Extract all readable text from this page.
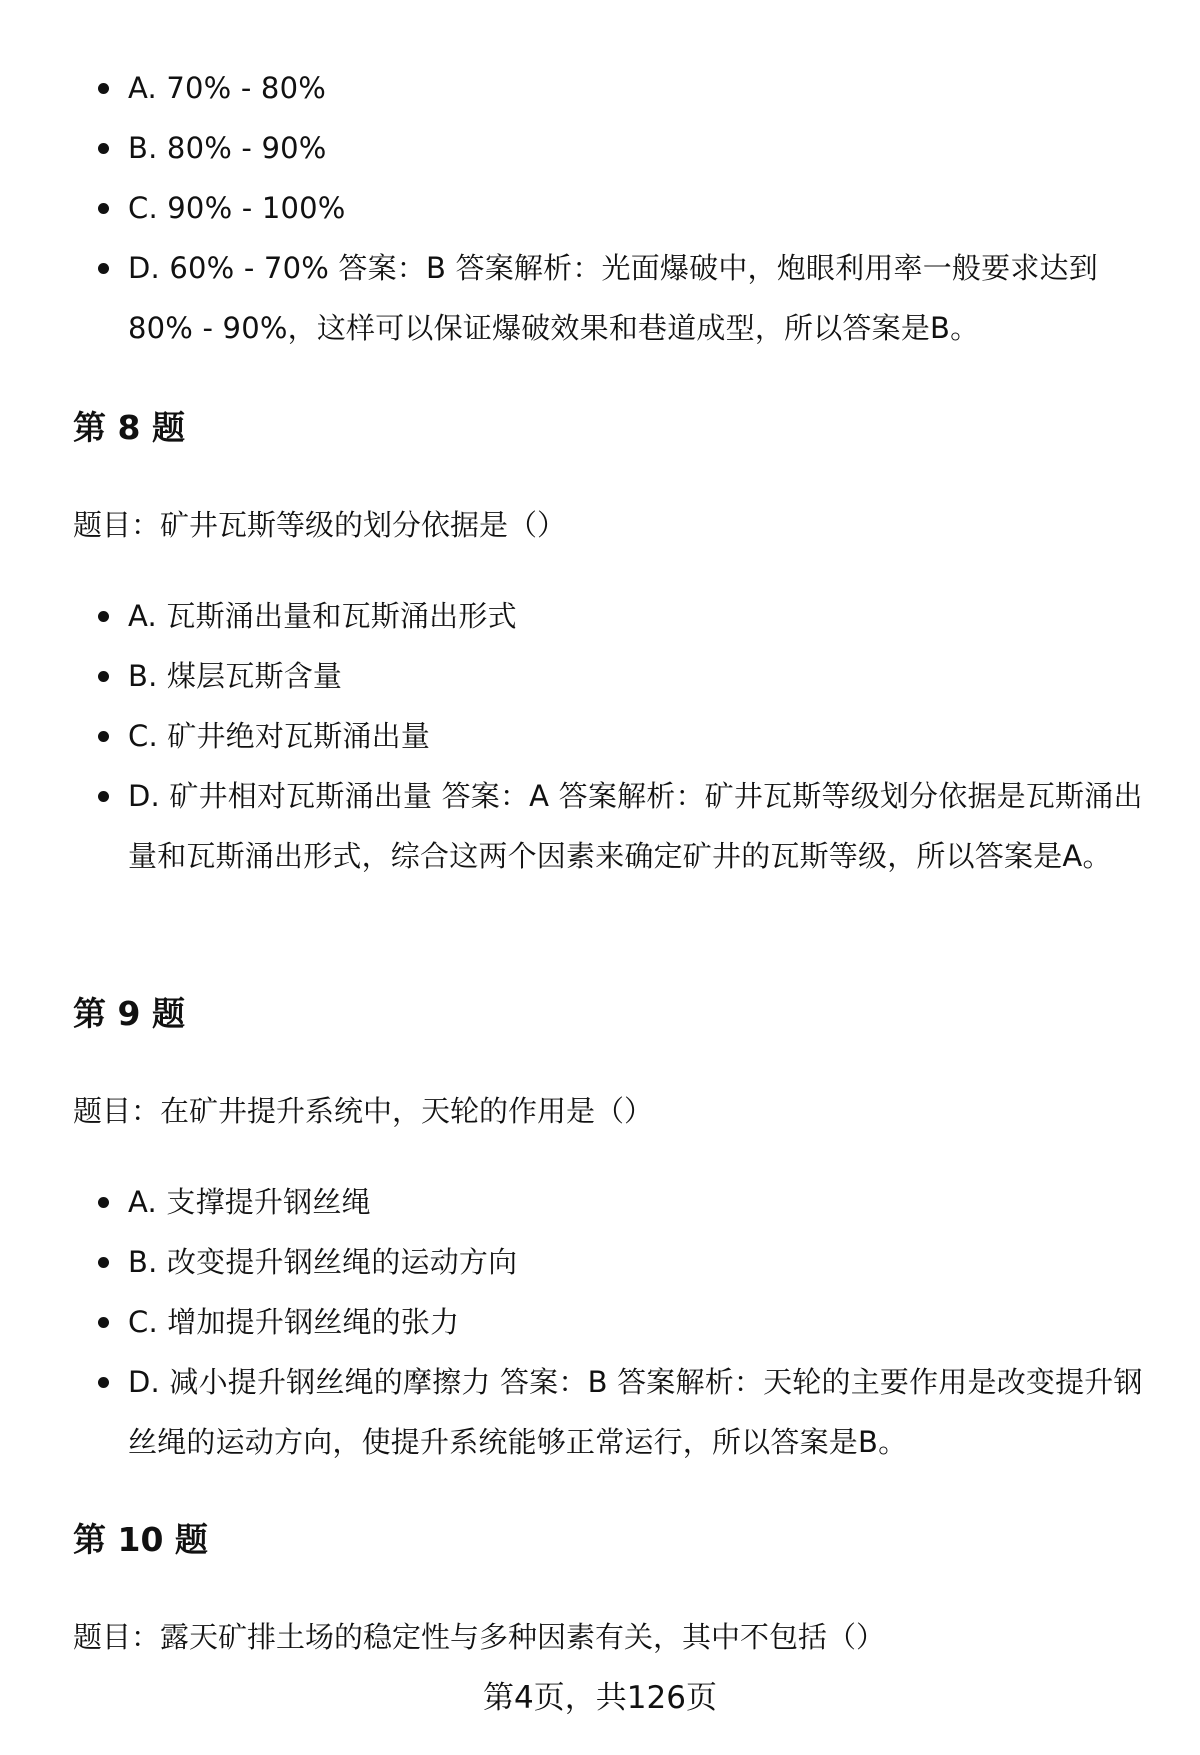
A. 70% - 80%
B. 80% - 90%
C. 90% - 100%
D. 60% - 70% 答案：B 答案解析：光面爆破中，炮眼利用率一般要求达到80% - 90%，这样可以保证爆破效果和巷道成型，所以答案是B。
第 8 题

题目：矿井瓦斯等级的划分依据是（）

A. 瓦斯涌出量和瓦斯涌出形式
B. 煤层瓦斯含量
C. 矿井绝对瓦斯涌出量
D. 矿井相对瓦斯涌出量 答案：A 答案解析：矿井瓦斯等级划分依据是瓦斯涌出量和瓦斯涌出形式，综合这两个因素来确定矿井的瓦斯等级，所以答案是A。
第 9 题

题目：在矿井提升系统中，天轮的作用是（）

A. 支撑提升钢丝绳
B. 改变提升钢丝绳的运动方向
C. 增加提升钢丝绳的张力
D. 减小提升钢丝绳的摩擦力 答案：B 答案解析：天轮的主要作用是改变提升钢丝绳的运动方向，使提升系统能够正常运行，所以答案是B。
第 10 题

题目：露天矿排土场的稳定性与多种因素有关，其中不包括（）

第4页，共126页
